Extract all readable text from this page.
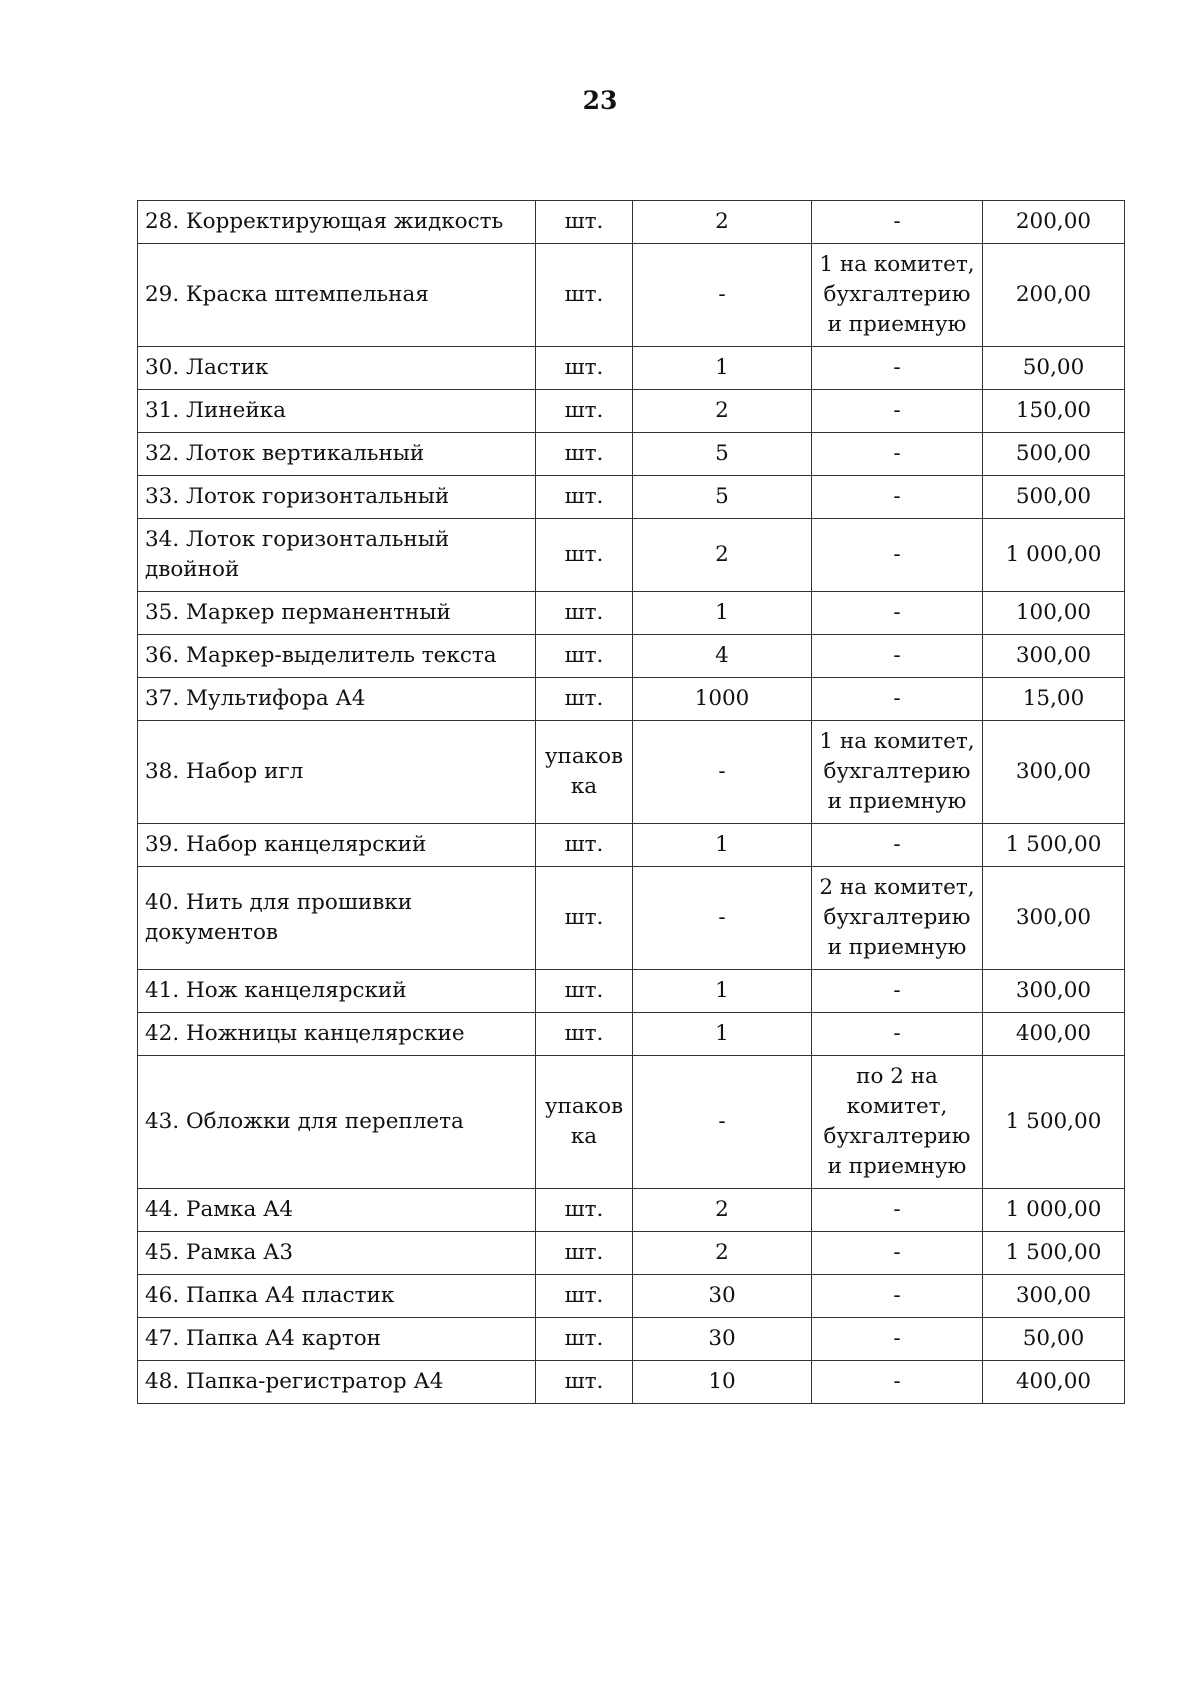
23
28. Корректирующая жидкость	шт.	2	-	200,00
29. Краска штемпельная	шт.	-	1 на комитет, бухгалтерию и приемную	200,00
30. Ластик	шт.	1	-	50,00
31. Линейка	шт.	2	-	150,00
32. Лоток вертикальный	шт.	5	-	500,00
33. Лоток горизонтальный	шт.	5	-	500,00
34. Лоток горизонтальный двойной	шт.	2	-	1 000,00
35. Маркер перманентный	шт.	1	-	100,00
36. Маркер-выделитель текста	шт.	4	-	300,00
37. Мультифора А4	шт.	1000	-	15,00
38. Набор игл	упаков ка	-	1 на комитет, бухгалтерию и приемную	300,00
39. Набор канцелярский	шт.	1	-	1 500,00
40. Нить для прошивки документов	шт.	-	2 на комитет, бухгалтерию и приемную	300,00
41. Нож канцелярский	шт.	1	-	300,00
42. Ножницы канцелярские	шт.	1	-	400,00
43. Обложки для переплета	упаков ка	-	по 2 на комитет, бухгалтерию и приемную	1 500,00
44. Рамка А4	шт.	2	-	1 000,00
45. Рамка А3	шт.	2	-	1 500,00
46. Папка А4 пластик	шт.	30	-	300,00
47. Папка А4 картон	шт.	30	-	50,00
48. Папка-регистратор А4	шт.	10	-	400,00
